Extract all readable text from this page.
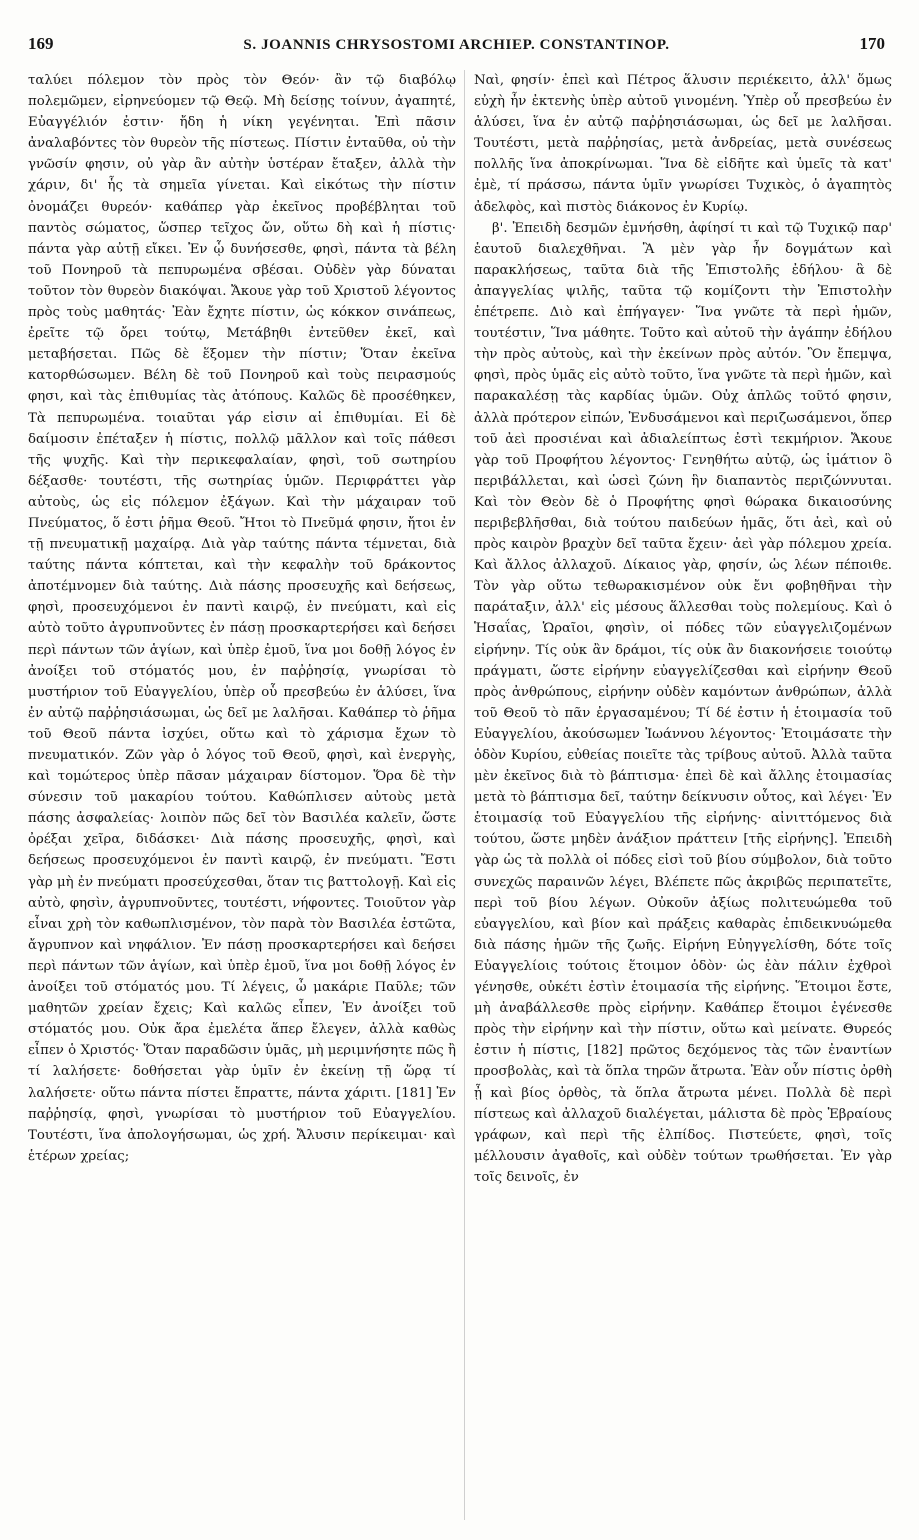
169	S. JOANNIS CHRYSOSTOMI ARCHIEP. CONSTANTINOP.	170

ταλύει πόλεμον τὸν πρὸς τὸν Θεόν· ἂν τῷ διαβόλῳ πολεμῶμεν, εἰρηνεύομεν τῷ Θεῷ. Μὴ δείσῃς τοίνυν, ἀγαπητέ, Εὐαγγέλιόν ἐστιν· ἤδη ἡ νίκη γεγένηται. Ἐπὶ πᾶσιν ἀναλαβόντες τὸν θυρεὸν τῆς πίστεως. Πίστιν ἐνταῦθα, οὐ τὴν γνῶσίν φησιν, οὐ γὰρ ἂν αὐτὴν ὑστέραν ἔταξεν, ἀλλὰ τὴν χάριν, δι' ἧς τὰ σημεῖα γίνεται. Καὶ εἰκότως τὴν πίστιν ὀνομάζει θυρεόν· καθάπερ γὰρ ἐκεῖνος προβέβληται τοῦ παντὸς σώματος, ὥσπερ τεῖχος ὤν, οὕτω δὴ καὶ ἡ πίστις· πάντα γὰρ αὐτῇ εἴκει. Ἐν ᾧ δυνήσεσθε, φησὶ, πάντα τὰ βέλη τοῦ Πονηροῦ τὰ πεπυρωμένα σβέσαι. Οὐδὲν γὰρ δύναται τοῦτον τὸν θυρεὸν διακόψαι. Ἄκουε γὰρ τοῦ Χριστοῦ λέγοντος πρὸς τοὺς μαθητάς· Ἐὰν ἔχητε πίστιν, ὡς κόκκον σινάπεως, ἐρεῖτε τῷ ὄρει τούτῳ, Μετάβηθι ἐντεῦθεν ἐκεῖ, καὶ μεταβήσεται. Πῶς δὲ ἕξομεν τὴν πίστιν; Ὅταν ἐκεῖνα κατορθώσωμεν. Βέλη δὲ τοῦ Πονηροῦ καὶ τοὺς πειρασμούς φησι, καὶ τὰς ἐπιθυμίας τὰς ἀτόπους. Καλῶς δὲ προσέθηκεν, Τὰ πεπυρωμένα. τοιαῦται γάρ εἰσιν αἱ ἐπιθυμίαι. Εἰ δὲ δαίμοσιν ἐπέταξεν ἡ πίστις, πολλῷ μᾶλλον καὶ τοῖς πάθεσι τῆς ψυχῆς. Καὶ τὴν περικεφαλαίαν, φησὶ, τοῦ σωτηρίου δέξασθε· τουτέστι, τῆς σωτηρίας ὑμῶν. Περιφράττει γὰρ αὐτοὺς, ὡς εἰς πόλεμον ἐξάγων. Καὶ τὴν μάχαιραν τοῦ Πνεύματος, ὅ ἐστι ῥῆμα Θεοῦ. Ἤτοι τὸ Πνεῦμά φησιν, ἤτοι ἐν τῇ πνευματικῇ μαχαίρᾳ. Διὰ γὰρ ταύτης πάντα τέμνεται, διὰ ταύτης πάντα κόπτεται, καὶ τὴν κεφαλὴν τοῦ δράκοντος ἀποτέμνομεν διὰ ταύτης. Διὰ πάσης προσευχῆς καὶ δεήσεως, φησὶ, προσευχόμενοι ἐν παντὶ καιρῷ, ἐν πνεύματι, καὶ εἰς αὐτὸ τοῦτο ἀγρυπνοῦντες ἐν πάσῃ προσκαρτερήσει καὶ δεήσει περὶ πάντων τῶν ἁγίων, καὶ ὑπὲρ ἐμοῦ, ἵνα μοι δοθῇ λόγος ἐν ἀνοίξει τοῦ στόματός μου, ἐν παῤῥησίᾳ, γνωρίσαι τὸ μυστήριον τοῦ Εὐαγγελίου, ὑπὲρ οὗ πρεσβεύω ἐν ἁλύσει, ἵνα ἐν αὐτῷ παῤῥησιάσωμαι, ὡς δεῖ με λαλῆσαι. Καθάπερ τὸ ῥῆμα τοῦ Θεοῦ πάντα ἰσχύει, οὕτω καὶ τὸ χάρισμα ἔχων τὸ πνευματικόν. Ζῶν γὰρ ὁ λόγος τοῦ Θεοῦ, φησὶ, καὶ ἐνεργὴς, καὶ τομώτερος ὑπὲρ πᾶσαν μάχαιραν δίστομον. Ὅρα δὲ τὴν σύνεσιν τοῦ μακαρίου τούτου. Καθώπλισεν αὐτοὺς μετὰ πάσης ἀσφαλείας· λοιπὸν πῶς δεῖ τὸν Βασιλέα καλεῖν, ὥστε ὀρέξαι χεῖρα, διδάσκει· Διὰ πάσης προσευχῆς, φησὶ, καὶ δεήσεως προσευχόμενοι ἐν παντὶ καιρῷ, ἐν πνεύματι. Ἔστι γὰρ μὴ ἐν πνεύματι προσεύχεσθαι, ὅταν τις βαττολογῇ. Καὶ εἰς αὐτὸ, φησὶν, ἀγρυπνοῦντες, τουτέστι, νήφοντες. Τοιοῦτον γὰρ εἶναι χρὴ τὸν καθωπλισμένον, τὸν παρὰ τὸν Βασιλέα ἑστῶτα, ἄγρυπνον καὶ νηφάλιον. Ἐν πάσῃ προσκαρτερήσει καὶ δεήσει περὶ πάντων τῶν ἁγίων, καὶ ὑπὲρ ἐμοῦ, ἵνα μοι δοθῇ λόγος ἐν ἀνοίξει τοῦ στόματός μου. Τί λέγεις, ὦ μακάριε Παῦλε; τῶν μαθητῶν χρείαν ἔχεις; Καὶ καλῶς εἶπεν, Ἐν ἀνοίξει τοῦ στόματός μου. Οὐκ ἄρα ἐμελέτα ἅπερ ἔλεγεν, ἀλλὰ καθὼς εἶπεν ὁ Χριστός· Ὅταν παραδῶσιν ὑμᾶς, μὴ μεριμνήσητε πῶς ἢ τί λαλήσετε· δοθήσεται γὰρ ὑμῖν ἐν ἐκείνῃ τῇ ὥρᾳ τί λαλήσετε· οὕτω πάντα πίστει ἔπραττε, πάντα χάριτι. [181] Ἐν παῤῥησίᾳ, φησὶ, γνωρίσαι τὸ μυστήριον τοῦ Εὐαγγελίου. Τουτέστι, ἵνα ἀπολογήσωμαι, ὡς χρή. Ἄλυσιν περίκειμαι· καὶ ἑτέρων χρείας;

Ναὶ, φησίν· ἐπεὶ καὶ Πέτρος ἅλυσιν περιέκειτο, ἀλλ' ὅμως εὐχὴ ἦν ἐκτενὴς ὑπὲρ αὐτοῦ γινομένη. Ὑπὲρ οὗ πρεσβεύω ἐν ἁλύσει, ἵνα ἐν αὐτῷ παῤῥησιάσωμαι, ὡς δεῖ με λαλῆσαι. Τουτέστι, μετὰ παῤῥησίας, μετὰ ἀνδρείας, μετὰ συνέσεως πολλῆς ἵνα ἀποκρίνωμαι. Ἵνα δὲ εἰδῆτε καὶ ὑμεῖς τὰ κατ' ἐμὲ, τί πράσσω, πάντα ὑμῖν γνωρίσει Τυχικὸς, ὁ ἀγαπητὸς ἀδελφὸς, καὶ πιστὸς διάκονος ἐν Κυρίῳ.

β'. Ἐπειδὴ δεσμῶν ἐμνήσθη, ἀφίησί τι καὶ τῷ Τυχικῷ παρ' ἑαυτοῦ διαλεχθῆναι. Ἃ μὲν γὰρ ἦν δογμάτων καὶ παρακλήσεως, ταῦτα διὰ τῆς Ἐπιστολῆς ἐδήλου· ἃ δὲ ἀπαγγελίας ψιλῆς, ταῦτα τῷ κομίζοντι τὴν Ἐπιστολὴν ἐπέτρεπε. Διὸ καὶ ἐπήγαγεν· Ἵνα γνῶτε τὰ περὶ ἡμῶν, τουτέστιν, Ἵνα μάθητε. Τοῦτο καὶ αὐτοῦ τὴν ἀγάπην ἐδήλου τὴν πρὸς αὐτοὺς, καὶ τὴν ἐκείνων πρὸς αὐτόν. Ὃν ἔπεμψα, φησὶ, πρὸς ὑμᾶς εἰς αὐτὸ τοῦτο, ἵνα γνῶτε τὰ περὶ ἡμῶν, καὶ παρακαλέσῃ τὰς καρδίας ὑμῶν. Οὐχ ἁπλῶς τοῦτό φησιν, ἀλλὰ πρότερον εἰπών, Ἐνδυσάμενοι καὶ περιζωσάμενοι, ὅπερ τοῦ ἀεὶ προσιέναι καὶ ἀδιαλείπτως ἐστὶ τεκμήριον. Ἄκουε γὰρ τοῦ Προφήτου λέγοντος· Γενηθήτω αὐτῷ, ὡς ἱμάτιον ὃ περιβάλλεται, καὶ ὡσεὶ ζώνη ἣν διαπαντὸς περιζώννυται. Καὶ τὸν Θεὸν δὲ ὁ Προφήτης φησὶ θώρακα δικαιοσύνης περιβεβλῆσθαι, διὰ τούτου παιδεύων ἡμᾶς, ὅτι ἀεὶ, καὶ οὐ πρὸς καιρὸν βραχὺν δεῖ ταῦτα ἔχειν· ἀεὶ γὰρ πόλεμου χρεία. Καὶ ἄλλος ἀλλαχοῦ. Δίκαιος γὰρ, φησίν, ὡς λέων πέποιθε. Τὸν γὰρ οὕτω τεθωρακισμένον οὐκ ἔνι φοβηθῆναι τὴν παράταξιν, ἀλλ' εἰς μέσους ἅλλεσθαι τοὺς πολεμίους. Καὶ ὁ Ἡσαΐας, Ὡραῖοι, φησὶν, οἱ πόδες τῶν εὐαγγελιζομένων εἰρήνην. Τίς οὐκ ἂν δράμοι, τίς οὐκ ἂν διακονήσειε τοιούτῳ πράγματι, ὥστε εἰρήνην εὐαγγελίζεσθαι καὶ εἰρήνην Θεοῦ πρὸς ἀνθρώπους, εἰρήνην οὐδὲν καμόντων ἀνθρώπων, ἀλλὰ τοῦ Θεοῦ τὸ πᾶν ἐργασαμένου; Τί δέ ἐστιν ἡ ἑτοιμασία τοῦ Εὐαγγελίου, ἀκούσωμεν Ἰωάννου λέγοντος· Ἑτοιμάσατε τὴν ὁδὸν Κυρίου, εὐθείας ποιεῖτε τὰς τρίβους αὐτοῦ. Ἀλλὰ ταῦτα μὲν ἐκεῖνος διὰ τὸ βάπτισμα· ἐπεὶ δὲ καὶ ἄλλης ἑτοιμασίας μετὰ τὸ βάπτισμα δεῖ, ταύτην δείκνυσιν οὗτος, καὶ λέγει· Ἐν ἑτοιμασίᾳ τοῦ Εὐαγγελίου τῆς εἰρήνης· αἰνιττόμενος διὰ τούτου, ὥστε μηδὲν ἀνάξιον πράττειν [τῆς εἰρήνης]. Ἐπειδὴ γὰρ ὡς τὰ πολλὰ οἱ πόδες εἰσὶ τοῦ βίου σύμβολον, διὰ τοῦτο συνεχῶς παραινῶν λέγει, Βλέπετε πῶς ἀκριβῶς περιπατεῖτε, περὶ τοῦ βίου λέγων. Οὐκοῦν ἀξίως πολιτευώμεθα τοῦ εὐαγγελίου, καὶ βίον καὶ πράξεις καθαρὰς ἐπιδεικνυώμεθα διὰ πάσης ἡμῶν τῆς ζωῆς. Εἰρήνη Εὐηγγελίσθη, δότε τοῖς Εὐαγγελίοις τούτοις ἕτοιμον ὁδὸν· ὡς ἐὰν πάλιν ἐχθροὶ γένησθε, οὐκέτι ἐστὶν ἑτοιμασία τῆς εἰρήνης. Ἕτοιμοι ἔστε, μὴ ἀναβάλλεσθε πρὸς εἰρήνην. Καθάπερ ἕτοιμοι ἐγένεσθε πρὸς τὴν εἰρήνην καὶ τὴν πίστιν, οὕτω καὶ μείνατε. Θυρεός ἐστιν ἡ πίστις, [182] πρῶτος δεχόμενος τὰς τῶν ἐναντίων προσβολὰς, καὶ τὰ ὅπλα τηρῶν ἄτρωτα. Ἐὰν οὖν πίστις ὀρθὴ ᾖ καὶ βίος ὀρθὸς, τὰ ὅπλα ἄτρωτα μένει. Πολλὰ δὲ περὶ πίστεως καὶ ἀλλαχοῦ διαλέγεται, μάλιστα δὲ πρὸς Ἑβραίους γράφων, καὶ περὶ τῆς ἐλπίδος. Πιστεύετε, φησὶ, τοῖς μέλλουσιν ἀγαθοῖς, καὶ οὐδὲν τούτων τρωθήσεται. Ἐν γὰρ τοῖς δεινοῖς, ἐν
